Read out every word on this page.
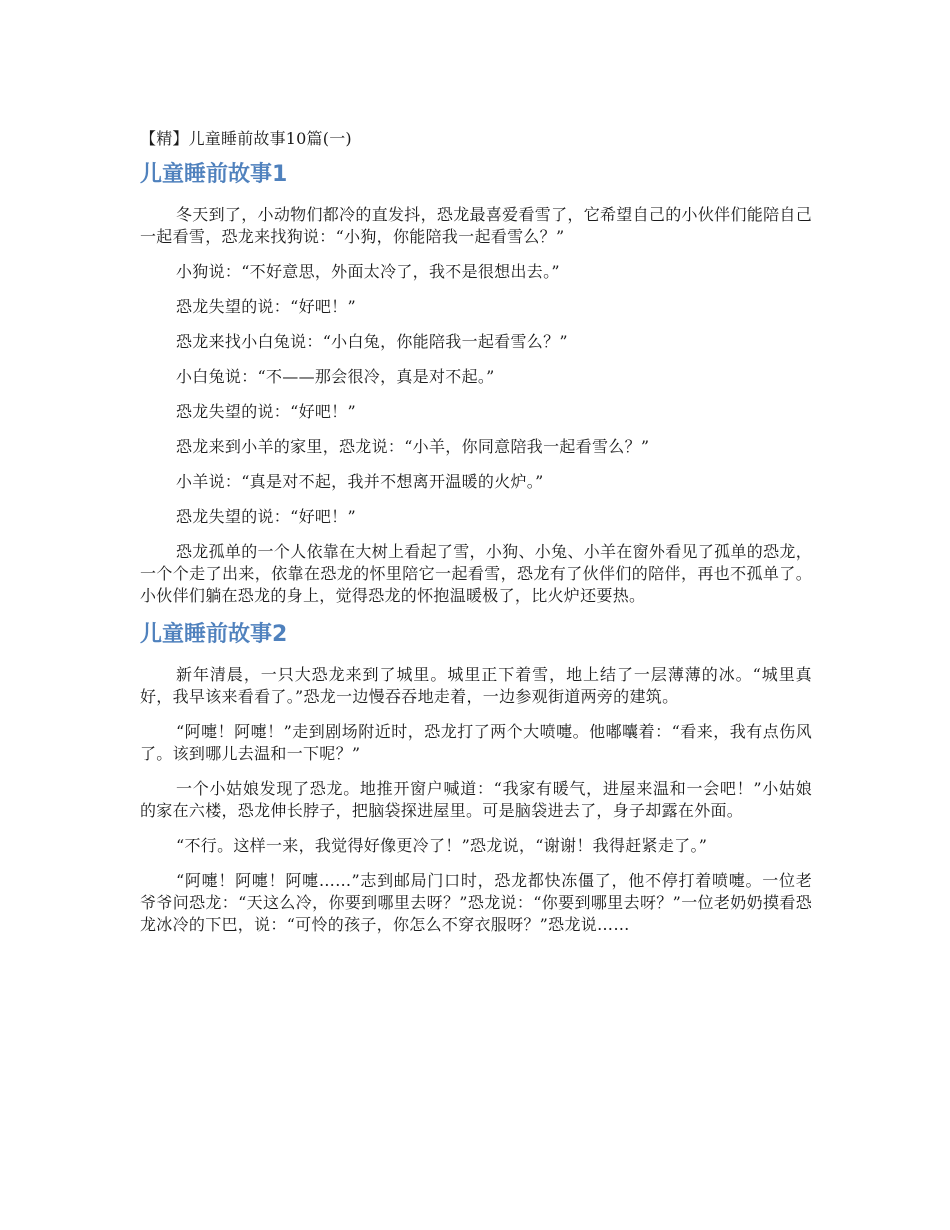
【精】儿童睡前故事10篇(一)
儿童睡前故事1

冬天到了，小动物们都冷的直发抖，恐龙最喜爱看雪了，它希望自己的小伙伴们能陪自己一起看雪，恐龙来找狗说：“小狗，你能陪我一起看雪么？”

小狗说：“不好意思，外面太冷了，我不是很想出去。”

恐龙失望的说：“好吧！”

恐龙来找小白兔说：“小白兔，你能陪我一起看雪么？”

小白兔说：“不——那会很冷，真是对不起。”

恐龙失望的说：“好吧！”

恐龙来到小羊的家里，恐龙说：“小羊，你同意陪我一起看雪么？”

小羊说：“真是对不起，我并不想离开温暖的火炉。”

恐龙失望的说：“好吧！”

恐龙孤单的一个人依靠在大树上看起了雪，小狗、小兔、小羊在窗外看见了孤单的恐龙，一个个走了出来，依靠在恐龙的怀里陪它一起看雪，恐龙有了伙伴们的陪伴，再也不孤单了。小伙伴们躺在恐龙的身上，觉得恐龙的怀抱温暖极了，比火炉还要热。

儿童睡前故事2

新年清晨，一只大恐龙来到了城里。城里正下着雪，地上结了一层薄薄的冰。“城里真好，我早该来看看了。”恐龙一边慢吞吞地走着，一边参观街道两旁的建筑。

“阿嚏！阿嚏！”走到剧场附近时，恐龙打了两个大喷嚏。他嘟囔着：“看来，我有点伤风了。该到哪儿去温和一下呢？”

一个小姑娘发现了恐龙。地推开窗户喊道：“我家有暖气，进屋来温和一会吧！”小姑娘的家在六楼，恐龙伸长脖子，把脑袋探进屋里。可是脑袋进去了，身子却露在外面。

“不行。这样一来，我觉得好像更冷了！”恐龙说，“谢谢！我得赶紧走了。”

“阿嚏！阿嚏！阿嚏……”志到邮局门口时，恐龙都快冻僵了，他不停打着喷嚏。一位老爷爷问恐龙：“天这么冷，你要到哪里去呀？”恐龙说：“你要到哪里去呀？”一位老奶奶摸看恐龙冰冷的下巴，说：“可怜的孩子，你怎么不穿衣服呀？”恐龙说……
